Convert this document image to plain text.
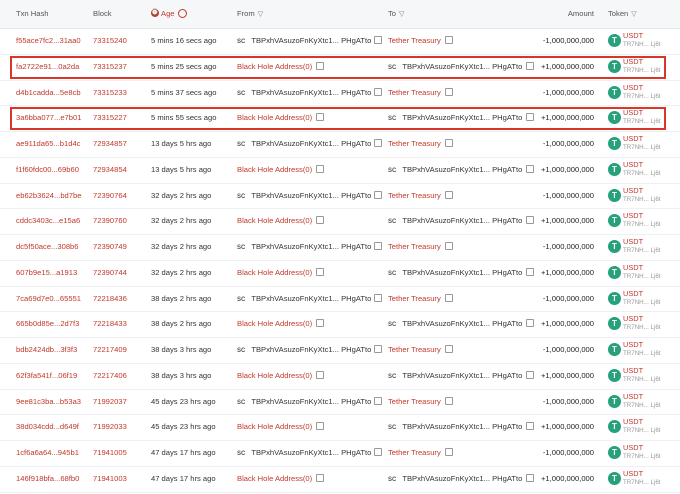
Txn Hash	Block	⌚ Age	From ▽	To ▽	Amount Token ▽
f55ace7fc2...31aa0 73315240	5 mins 16 secs ago	SC TBPxhVAsuzoFnKyXtc1... PHgATto	Tether Treasury	-1,000,000,000	T
USDT
TR7NH... Lj6t
fa2722e91...0a2da 73315237	5 mins 25 secs ago	Black Hole Address(0)	SC TBPxhVAsuzoFnKyXtc1... PHgATto	+1,000,000,000	T
USDT
TR7NH... Lj6t
d4b1cadda...5e8cb 73315233	5 mins 37 secs ago	SC TBPxhVAsuzoFnKyXtc1... PHgATto	Tether Treasury	-1,000,000,000	T
USDT
TR7NH... Lj6t
3a6bba077...e7b01 73315227	5 mins 55 secs ago	Black Hole Address(0)	SC TBPxhVAsuzoFnKyXtc1... PHgATto	+1,000,000,000	T
USDT
TR7NH... Lj6t
ae911da65...b1d4c 72934857	13 days 5 hrs ago	SC TBPxhVAsuzoFnKyXtc1... PHgATto	Tether Treasury	-1,000,000,000	T
USDT
TR7NH... Lj6t
f1f60fdc00...69b60 72934854	13 days 5 hrs ago	Black Hole Address(0)	SC TBPxhVAsuzoFnKyXtc1... PHgATto	+1,000,000,000	T
USDT
TR7NH... Lj6t
eb62b3624...bd7be 72390764	32 days 2 hrs ago	SC TBPxhVAsuzoFnKyXtc1... PHgATto	Tether Treasury	-1,000,000,000	T
USDT
TR7NH... Lj6t
cddc3403c...e15a6 72390760	32 days 2 hrs ago	Black Hole Address(0)	SC TBPxhVAsuzoFnKyXtc1... PHgATto	+1,000,000,000	T
USDT
TR7NH... Lj6t
dc5f50ace...308b6 72390749	32 days 2 hrs ago	SC TBPxhVAsuzoFnKyXtc1... PHgATto	Tether Treasury	-1,000,000,000	T
USDT
TR7NH... Lj6t
607b9e15...a1913 72390744	32 days 2 hrs ago	Black Hole Address(0)	SC TBPxhVAsuzoFnKyXtc1... PHgATto	+1,000,000,000	T
USDT
TR7NH... Lj6t
7ca69d7e0...65551 72218436	38 days 2 hrs ago	SC TBPxhVAsuzoFnKyXtc1... PHgATto	Tether Treasury	-1,000,000,000	T
USDT
TR7NH... Lj6t
665b0d85e...2d7f3 72218433	38 days 2 hrs ago	Black Hole Address(0)	SC TBPxhVAsuzoFnKyXtc1... PHgATto	+1,000,000,000	T
USDT
TR7NH... Lj6t
bdb2424db...3f3f3 72217409	38 days 3 hrs ago	SC TBPxhVAsuzoFnKyXtc1... PHgATto	Tether Treasury	-1,000,000,000	T
USDT
TR7NH... Lj6t
62f3fa541f...06f19 72217406	38 days 3 hrs ago	Black Hole Address(0)	SC TBPxhVAsuzoFnKyXtc1... PHgATto	+1,000,000,000	T
USDT
TR7NH... Lj6t
9ee81c3ba...b53a3 71992037	45 days 23 hrs ago	SC TBPxhVAsuzoFnKyXtc1... PHgATto	Tether Treasury	-1,000,000,000	T
USDT
TR7NH... Lj6t
38d034cdd...d649f 71992033	45 days 23 hrs ago	Black Hole Address(0)	SC TBPxhVAsuzoFnKyXtc1... PHgATto	+1,000,000,000	T
USDT
TR7NH... Lj6t
1cf6a6a64...945b1 71941005	47 days 17 hrs ago	SC TBPxhVAsuzoFnKyXtc1... PHgATto	Tether Treasury	-1,000,000,000	T
USDT
TR7NH... Lj6t
146f918bfa...68fb0 71941003	47 days 17 hrs ago	Black Hole Address(0)	SC TBPxhVAsuzoFnKyXtc1... PHgATto	+1,000,000,000	T
USDT
TR7NH... Lj6t
